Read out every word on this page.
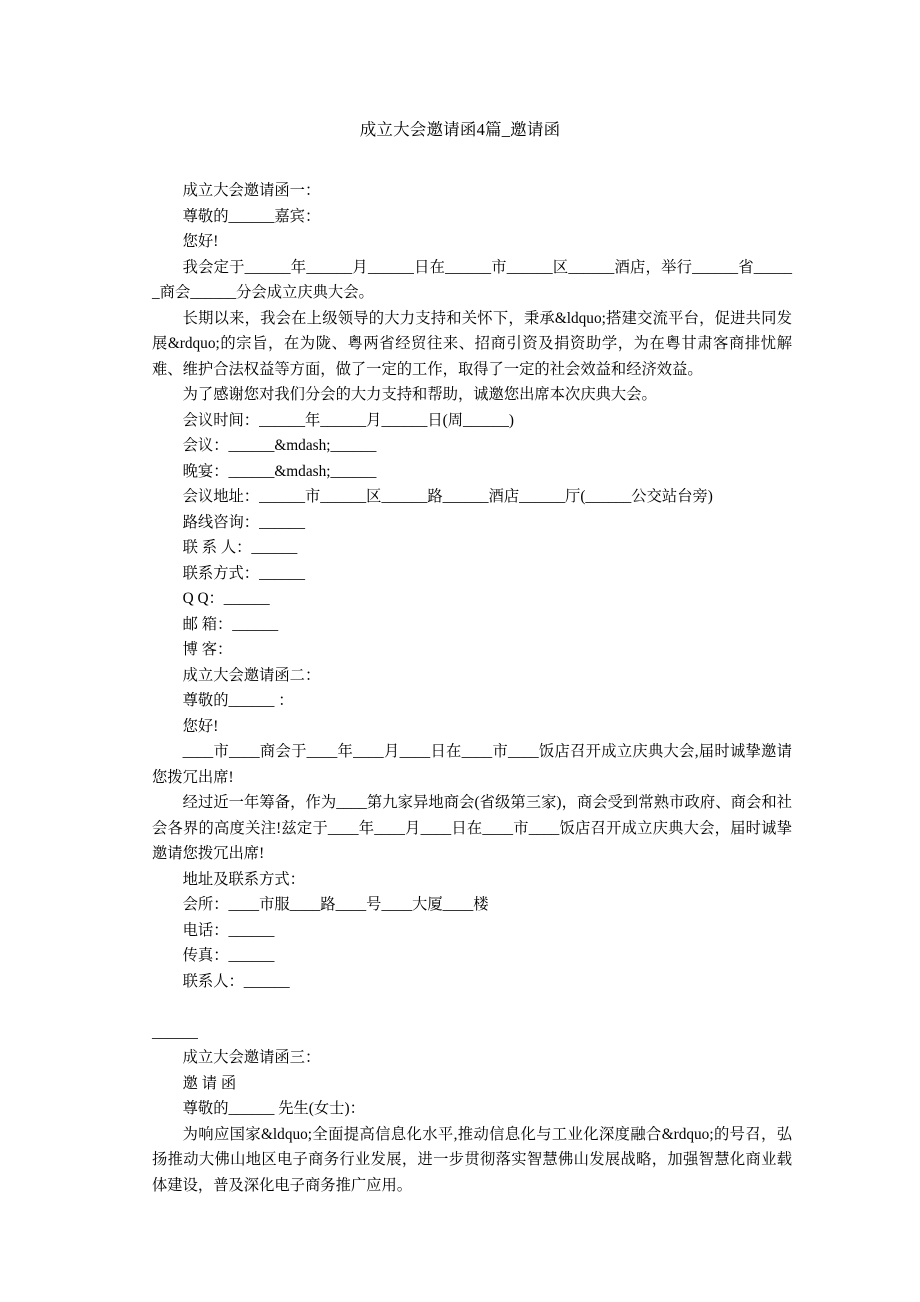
成立大会邀请函4篇_邀请函

成立大会邀请函一：

尊敬的______嘉宾：

您好!

我会定于______年______月______日在______市______区______酒店，举行______省______商会______分会成立庆典大会。

长期以来，我会在上级领导的大力支持和关怀下，秉承&ldquo;搭建交流平台，促进共同发展&rdquo;的宗旨，在为陇、粤两省经贸往来、招商引资及捐资助学，为在粤甘肃客商排忧解难、维护合法权益等方面，做了一定的工作，取得了一定的社会效益和经济效益。

为了感谢您对我们分会的大力支持和帮助，诚邀您出席本次庆典大会。

会议时间：______年______月______日(周______)

会议：______&mdash;______

晚宴：______&mdash;______

会议地址：______市______区______路______酒店______厅(______公交站台旁)

路线咨询：______

联 系 人：______

联系方式：______

Q Q：______

邮 箱：______

博 客：

成立大会邀请函二：

尊敬的______ ：

您好!

____市____商会于____年____月____日在____市____饭店召开成立庆典大会,届时诚挚邀请您拨冗出席!

经过近一年筹备，作为____第九家异地商会(省级第三家)，商会受到常熟市政府、商会和社会各界的高度关注!兹定于____年____月____日在____市____饭店召开成立庆典大会，届时诚挚邀请您拨冗出席!

地址及联系方式：

会所：____市服____路____号____大厦____楼

电话：______

传真：______

联系人：______

______

成立大会邀请函三：

邀 请 函

尊敬的______ 先生(女士)：

为响应国家&ldquo;全面提高信息化水平,推动信息化与工业化深度融合&rdquo;的号召，弘扬推动大佛山地区电子商务行业发展，进一步贯彻落实智慧佛山发展战略，加强智慧化商业载体建设，普及深化电子商务推广应用。
